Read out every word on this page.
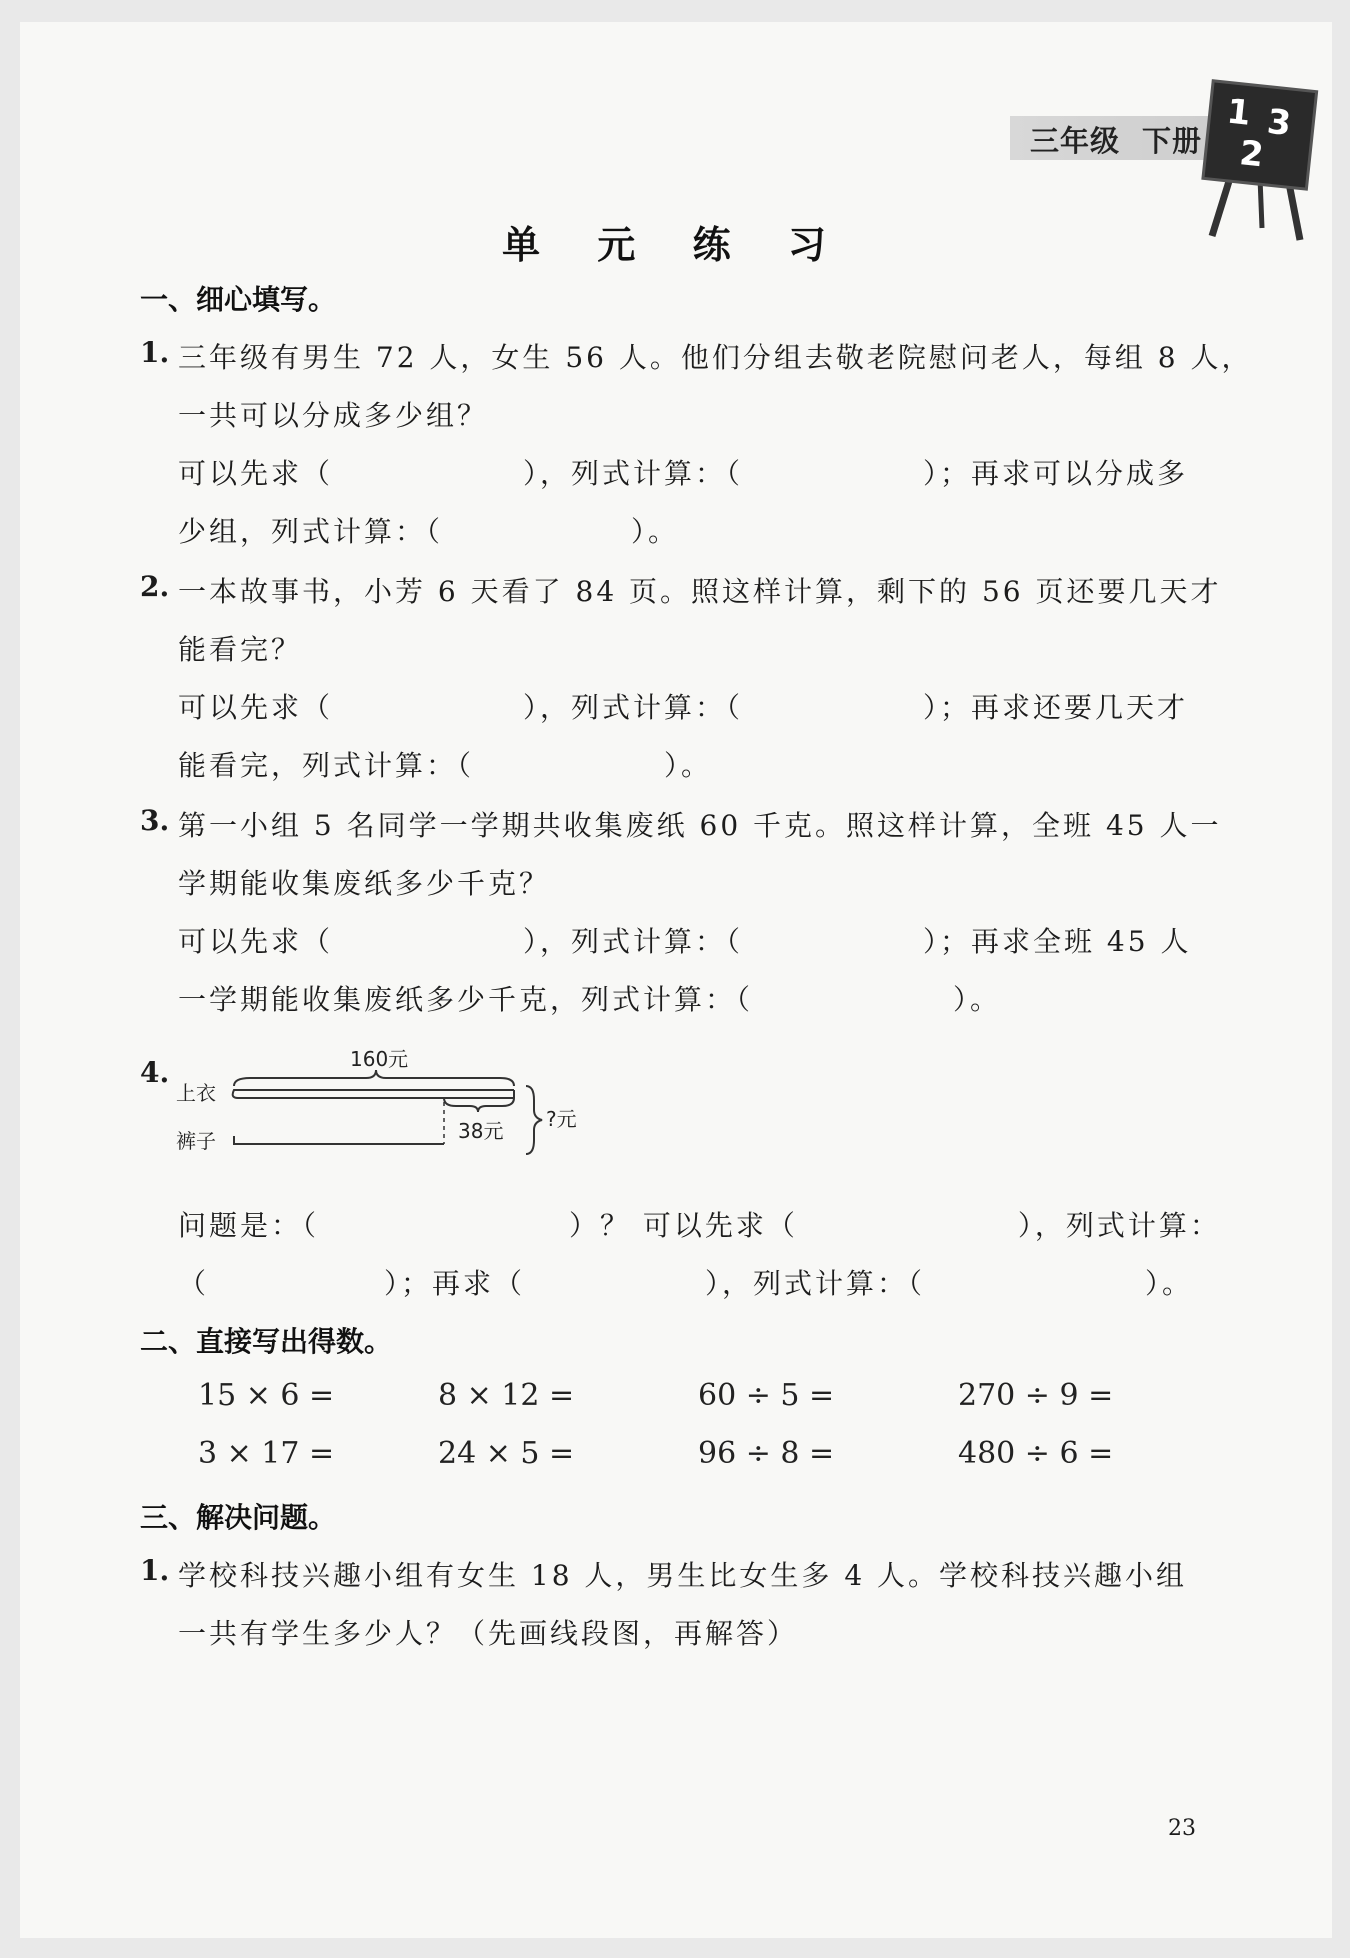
三年级 下册
1 3
2
单 元 练 习
一、细心填写。
1. 三年级有男生 72 人，女生 56 人。他们分组去敬老院慰问老人，每组 8 人，
一共可以分成多少组？
可以先求（	），列式计算：（	）；再求可以分成多
少组，列式计算：（	）。
2. 一本故事书，小芳 6 天看了 84 页。照这样计算，剩下的 56 页还要几天才
能看完？
可以先求（	），列式计算：（	）；再求还要几天才
能看完，列式计算：（	）。
3. 第一小组 5 名同学一学期共收集废纸 60 千克。照这样计算，全班 45 人一
学期能收集废纸多少千克？
可以先求（	），列式计算：（	）；再求全班 45 人
一学期能收集废纸多少千克，列式计算：（	）。
4.	160元
上衣
38元
裤子
?元
问题是：（	）？ 可以先求（	），列式计算：
（	）；再求（	），列式计算：（	）。
二、直接写出得数。
15 × 6 =	8 × 12 =	60 ÷ 5 =	270 ÷ 9 =
3 × 17 =	24 × 5 =	96 ÷ 8 =	480 ÷ 6 =
三、解决问题。
1. 学校科技兴趣小组有女生 18 人，男生比女生多 4 人。学校科技兴趣小组
一共有学生多少人？（先画线段图，再解答）
23
